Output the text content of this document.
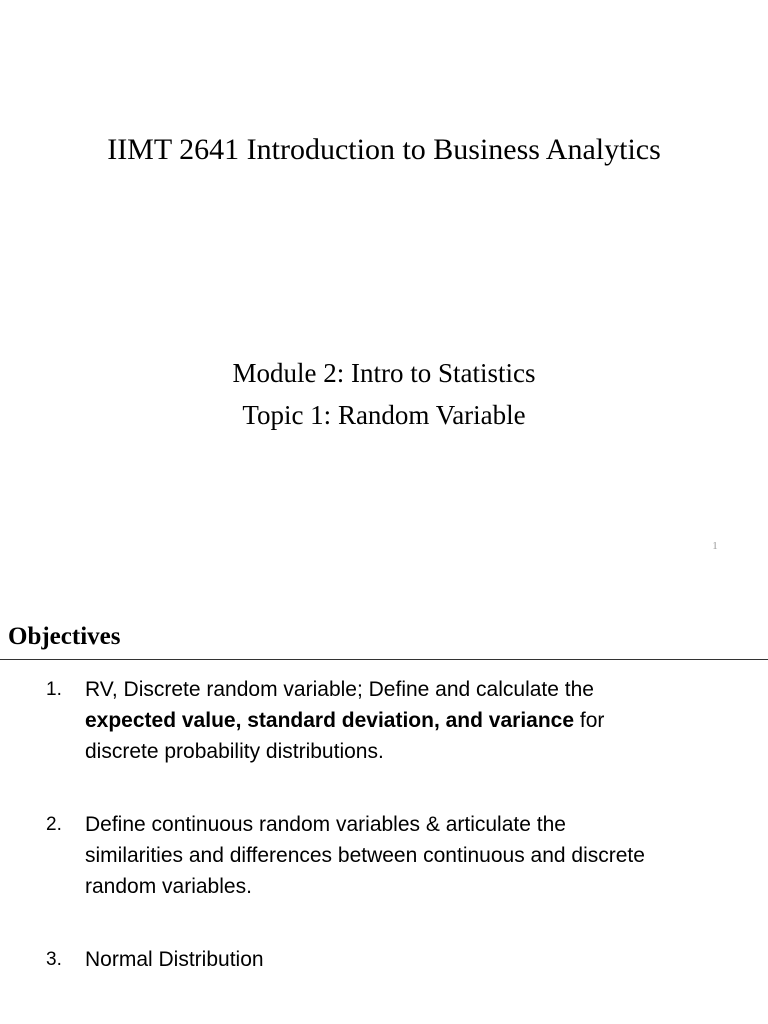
IIMT 2641 Introduction to Business Analytics
Module 2: Intro to Statistics
Topic 1: Random Variable
1
Objectives
1. RV, Discrete random variable; Define and calculate the
expected value, standard deviation, and variance for
discrete probability distributions.
2. Define continuous random variables & articulate the
similarities and differences between continuous and discrete
random variables.
3. Normal Distribution
